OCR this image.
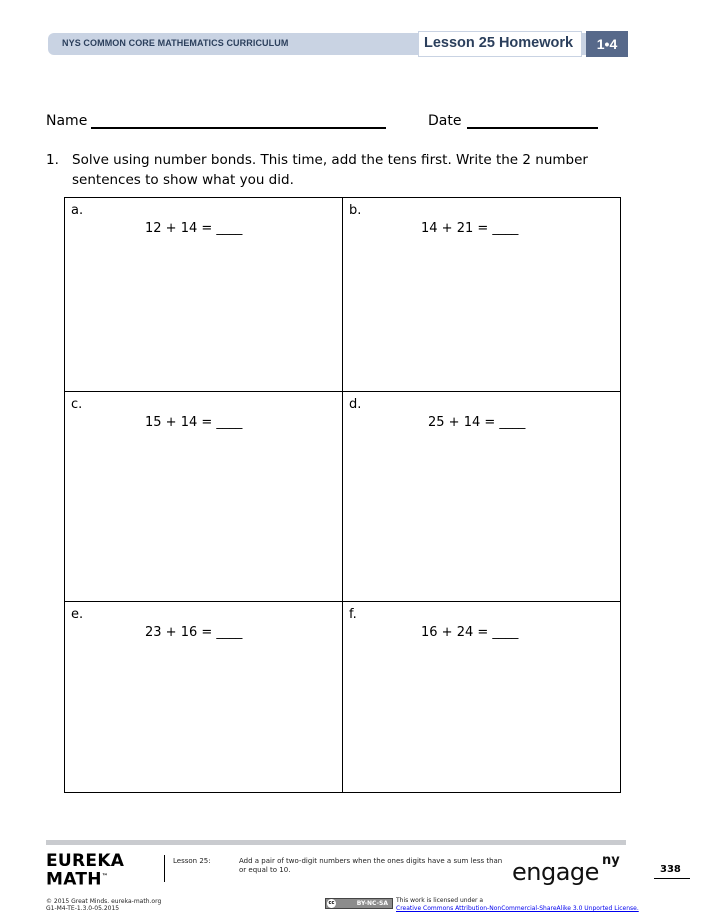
NYS COMMON CORE MATHEMATICS CURRICULUM	Lesson 25 Homework	1•4
Name	Date
1. Solve using number bonds. This time, add the tens first. Write the 2 number sentences to show what you did.
a.
12 + 14 = ____
b.
14 + 21 = ____
c.
15 + 14 = ____
d.
25 + 14 = ____
e.
23 + 16 = ____
f.
16 + 24 = ____
EUREKA
MATH™
Lesson 25:	Add a pair of two-digit numbers when the ones digits have a sum less than or equal to 10.	engage ny
338
© 2015 Great Minds. eureka-math.org
G1-M4-TE-1.3.0-05.2015
cc	BY-NC-SA	This work is licensed under a
Creative Commons Attribution-NonCommercial-ShareAlike 3.0 Unported License.
